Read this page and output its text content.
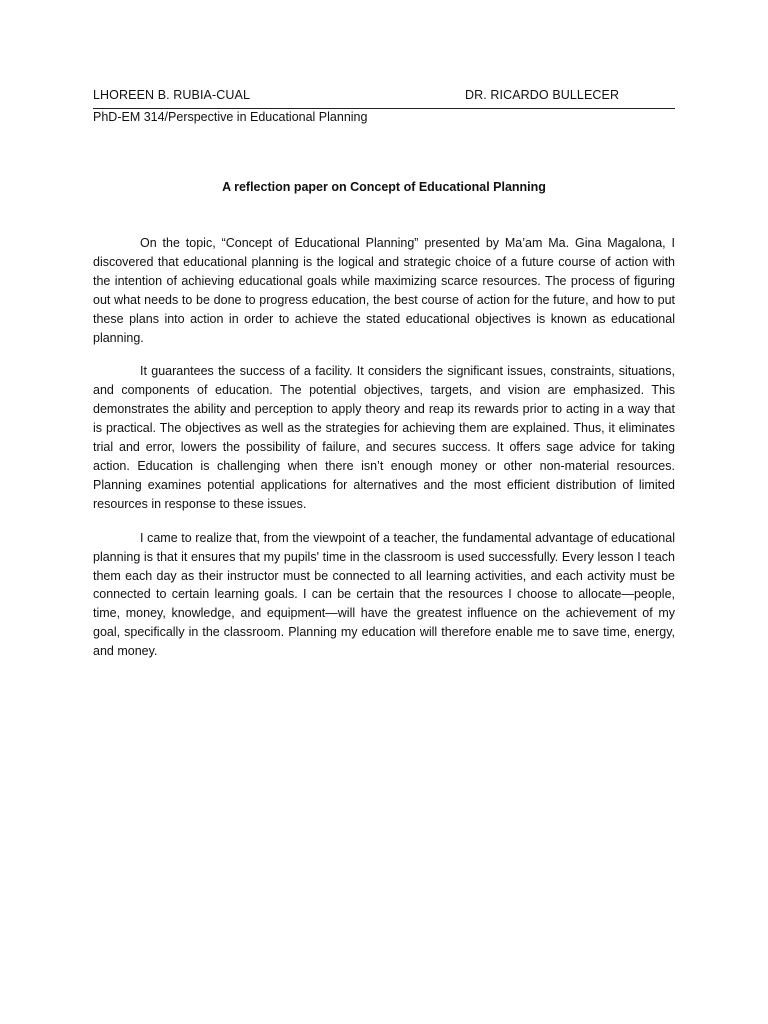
LHOREEN B. RUBIA-CUAL	DR. RICARDO BULLECER
PhD-EM 314/Perspective in Educational Planning
A reflection paper on Concept of Educational Planning

On the topic, “Concept of Educational Planning” presented by Ma’am Ma. Gina Magalona, I discovered that educational planning is the logical and strategic choice of a future course of action with the intention of achieving educational goals while maximizing scarce resources. The process of figuring out what needs to be done to progress education, the best course of action for the future, and how to put these plans into action in order to achieve the stated educational objectives is known as educational planning.

It guarantees the success of a facility. It considers the significant issues, constraints, situations, and components of education. The potential objectives, targets, and vision are emphasized. This demonstrates the ability and perception to apply theory and reap its rewards prior to acting in a way that is practical. The objectives as well as the strategies for achieving them are explained. Thus, it eliminates trial and error, lowers the possibility of failure, and secures success. It offers sage advice for taking action. Education is challenging when there isn’t enough money or other non-material resources. Planning examines potential applications for alternatives and the most efficient distribution of limited resources in response to these issues.

I came to realize that, from the viewpoint of a teacher, the fundamental advantage of educational planning is that it ensures that my pupils' time in the classroom is used successfully. Every lesson I teach them each day as their instructor must be connected to all learning activities, and each activity must be connected to certain learning goals. I can be certain that the resources I choose to allocate—people, time, money, knowledge, and equipment—will have the greatest influence on the achievement of my goal, specifically in the classroom. Planning my education will therefore enable me to save time, energy, and money.
